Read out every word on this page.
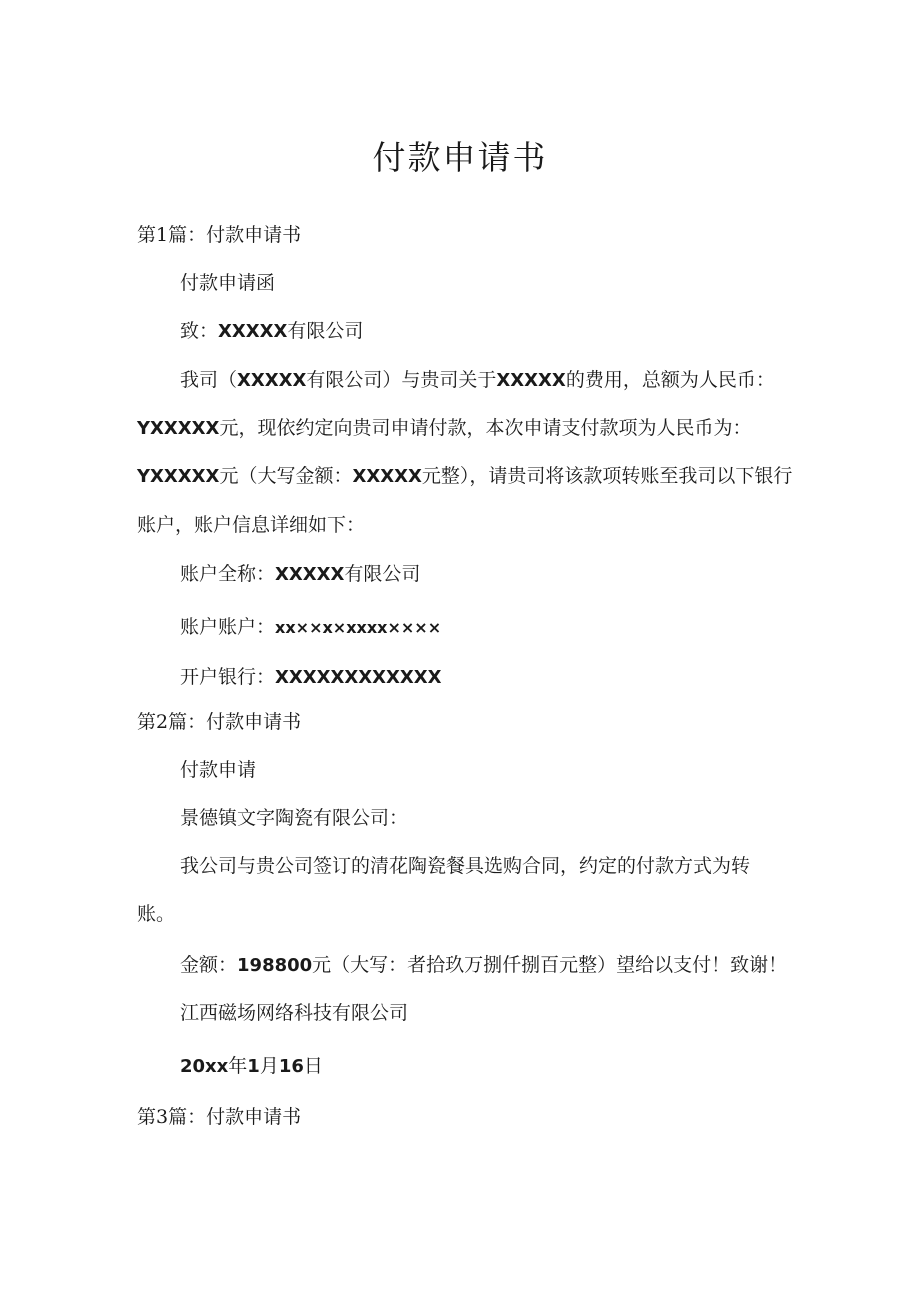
付款申请书
第1篇：付款申请书
付款申请函
致：XXXXX有限公司
我司（XXXXX有限公司）与贵司关于XXXXX的费用，总额为人民币：
YXXXXX元，现依约定向贵司申请付款，本次申请支付款项为人民币为：
YXXXXX元（大写金额：XXXXX元整），请贵司将该款项转账至我司以下银行
账户，账户信息详细如下：
账户全称：XXXXX有限公司
账户账户：xx××x×xxxx××××
开户银行：XXXXXXXXXXXX
第2篇：付款申请书
付款申请
景德镇文字陶瓷有限公司：
我公司与贵公司签订的清花陶瓷餐具选购合同，约定的付款方式为转
账。
金额：198800元（大写：者拾玖万捌仟捌百元整）望给以支付！致谢！
江西磁场网络科技有限公司
20xx年1月16日
第3篇：付款申请书
